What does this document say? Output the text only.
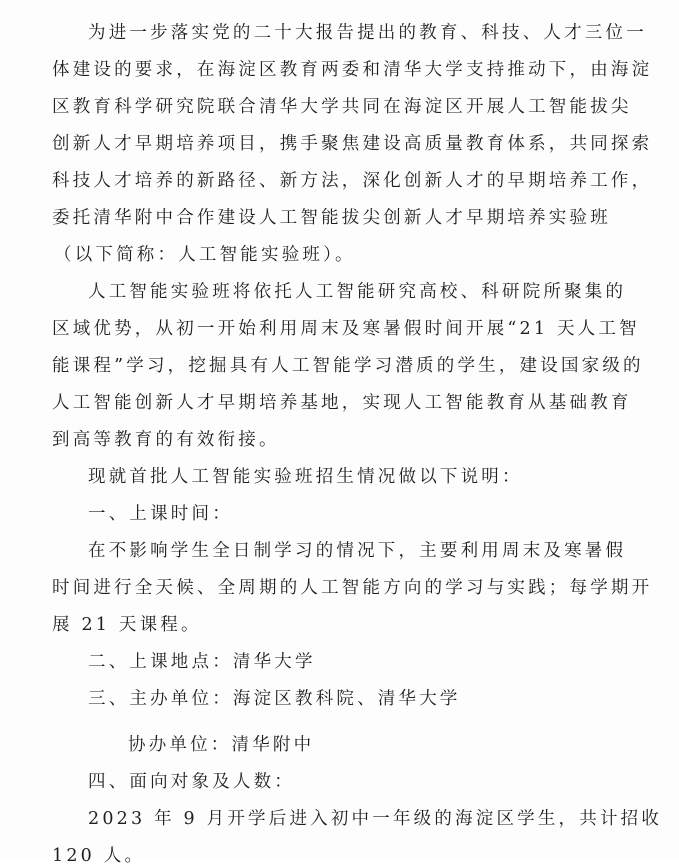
为进一步落实党的二十大报告提出的教育、科技、人才三位一
体建设的要求，在海淀区教育两委和清华大学支持推动下，由海淀
区教育科学研究院联合清华大学共同在海淀区开展人工智能拔尖
创新人才早期培养项目，携手聚焦建设高质量教育体系，共同探索
科技人才培养的新路径、新方法，深化创新人才的早期培养工作，
委托清华附中合作建设人工智能拔尖创新人才早期培养实验班
（以下简称：人工智能实验班）。
人工智能实验班将依托人工智能研究高校、科研院所聚集的
区域优势，从初一开始利用周末及寒暑假时间开展“21 天人工智
能课程”学习，挖掘具有人工智能学习潜质的学生，建设国家级的
人工智能创新人才早期培养基地，实现人工智能教育从基础教育
到高等教育的有效衔接。
现就首批人工智能实验班招生情况做以下说明：
一、上课时间：
在不影响学生全日制学习的情况下，主要利用周末及寒暑假
时间进行全天候、全周期的人工智能方向的学习与实践；每学期开
展 21 天课程。
二、上课地点：清华大学
三、主办单位：海淀区教科院、清华大学
协办单位：清华附中
四、面向对象及人数：
2023 年 9 月开学后进入初中一年级的海淀区学生，共计招收
120 人。
